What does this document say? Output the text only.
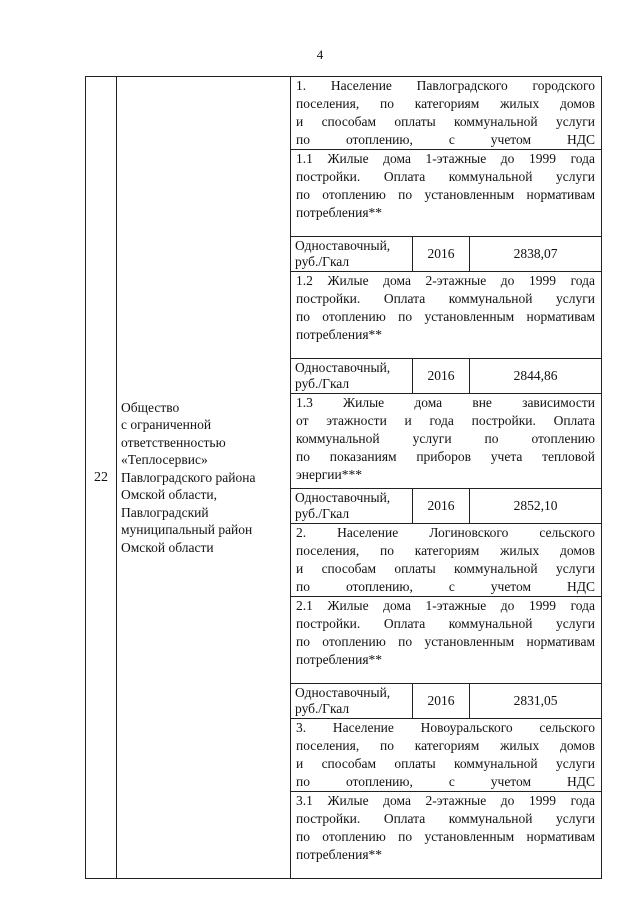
4
22	
Общество
с ограниченной
ответственностью
«Теплосервис»
Павлоградского района
Омской области,
Павлоградский
муниципальный район
Омской области

1. Население Павлоградского городского
поселения, по категориям жилых домов
и способам оплаты коммунальной услуги
по отоплению, с учетом НДС

1.1 Жилые дома 1-этажные до 1999 года
постройки. Оплата коммунальной услуги
по отоплению по установленным нормативам
потребления**

Одноставочный,
руб./Гкал
2016	2838,07

1.2 Жилые дома 2-этажные до 1999 года
постройки. Оплата коммунальной услуги
по отоплению по установленным нормативам
потребления**

Одноставочный,
руб./Гкал
2016	2844,86

1.3 Жилые дома вне зависимости
от этажности и года постройки. Оплата
коммунальной услуги по отоплению
по показаниям приборов учета тепловой
энергии***

Одноставочный,
руб./Гкал
2016	2852,10

2. Население Логиновского сельского
поселения, по категориям жилых домов
и способам оплаты коммунальной услуги
по отоплению, с учетом НДС

2.1 Жилые дома 1-этажные до 1999 года
постройки. Оплата коммунальной услуги
по отоплению по установленным нормативам
потребления**

Одноставочный,
руб./Гкал
2016	2831,05

3. Население Новоуральского сельского
поселения, по категориям жилых домов
и способам оплаты коммунальной услуги
по отоплению, с учетом НДС

3.1 Жилые дома 2-этажные до 1999 года
постройки. Оплата коммунальной услуги
по отоплению по установленным нормативам
потребления**
